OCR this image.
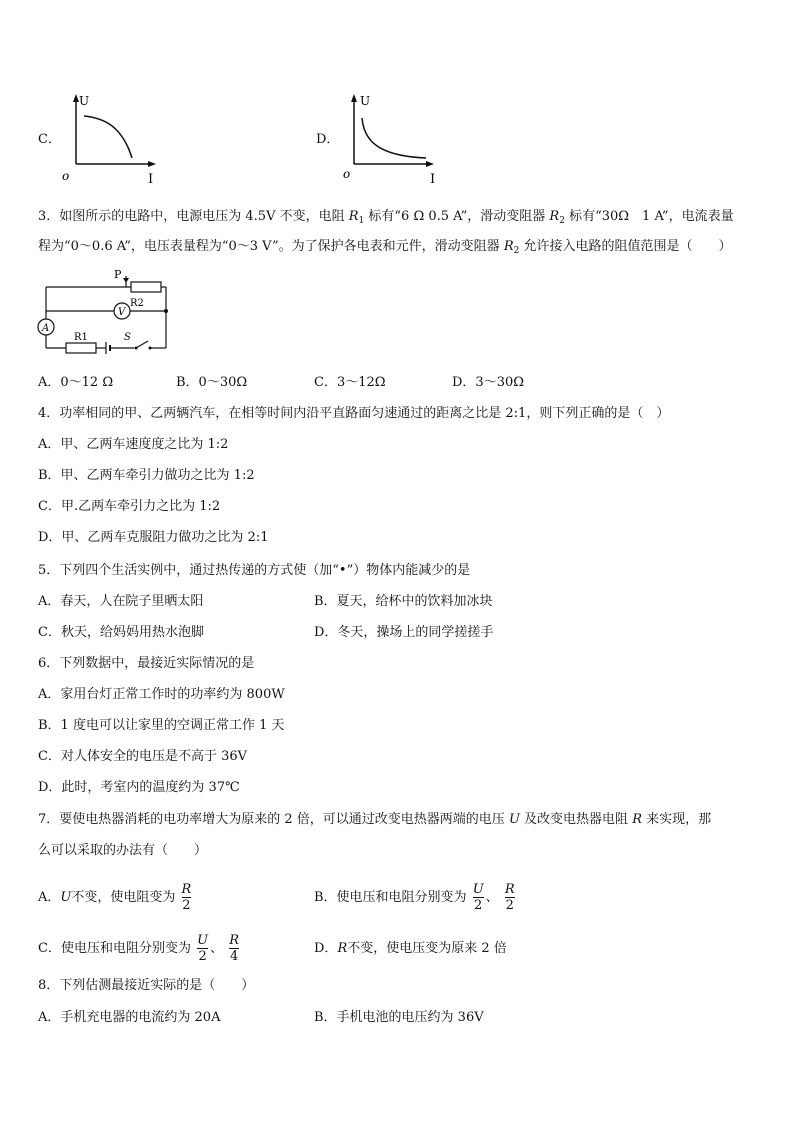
C．
U
I
o
D．
U
I
o
3．如图所示的电路中，电源电压为 4.5V 不变，电阻 $R_1$ 标有“6 Ω 0.5 A”，滑动变阻器 $R_2$ 标有“30Ω　1 A”，电流表量
程为“0～0.6 A”，电压表量程为“0～3 V”。为了保护各电表和元件，滑动变阻器 $R_2$ 允许接入电路的阻值范围是（　　）
P
R2
V
A
R1	S
A．0～12 Ω	B．0～30Ω	C．3～12Ω	D．3～30Ω
4．功率相同的甲、乙两辆汽车，在相等时间内沿平直路面匀速通过的距离之比是 2:1，则下列正确的是（　）
A．甲、乙两车速度度之比为 1:2
B．甲、乙两车牵引力做功之比为 1:2
C．甲.乙两车牵引力之比为 1:2
D．甲、乙两车克服阻力做功之比为 2:1
5．下列四个生活实例中，通过热传递的方式使（加“•”）物体内能减少的是
A．春天，人在院子里晒太阳	B．夏天，给杯中的饮料加冰块
C．秋天，给妈妈用热水泡脚	D．冬天，操场上的同学搓搓手
6．下列数据中，最接近实际情况的是
A．家用台灯正常工作时的功率约为 800W
B．1 度电可以让家里的空调正常工作 1 天
C．对人体安全的电压是不高于 36V
D．此时，考室内的温度约为 37℃
7．要使电热器消耗的电功率增大为原来的 2 倍，可以通过改变电热器两端的电压 U 及改变电热器电阻 R 来实现，那
么可以采取的办法有（　　）
A．U不变，使电阻变为 $\frac{R}{2}$	B．使电压和电阻分别变为 $\frac{U}{2}$ 、 $\frac{R}{2}$
C．使电压和电阻分别变为 $\frac{U}{2}$ 、 $\frac{R}{4}$	D．R不变，使电压变为原来 2 倍
8．下列估测最接近实际的是（　　）
A．手机充电器的电流约为 20A	B．手机电池的电压约为 36V
